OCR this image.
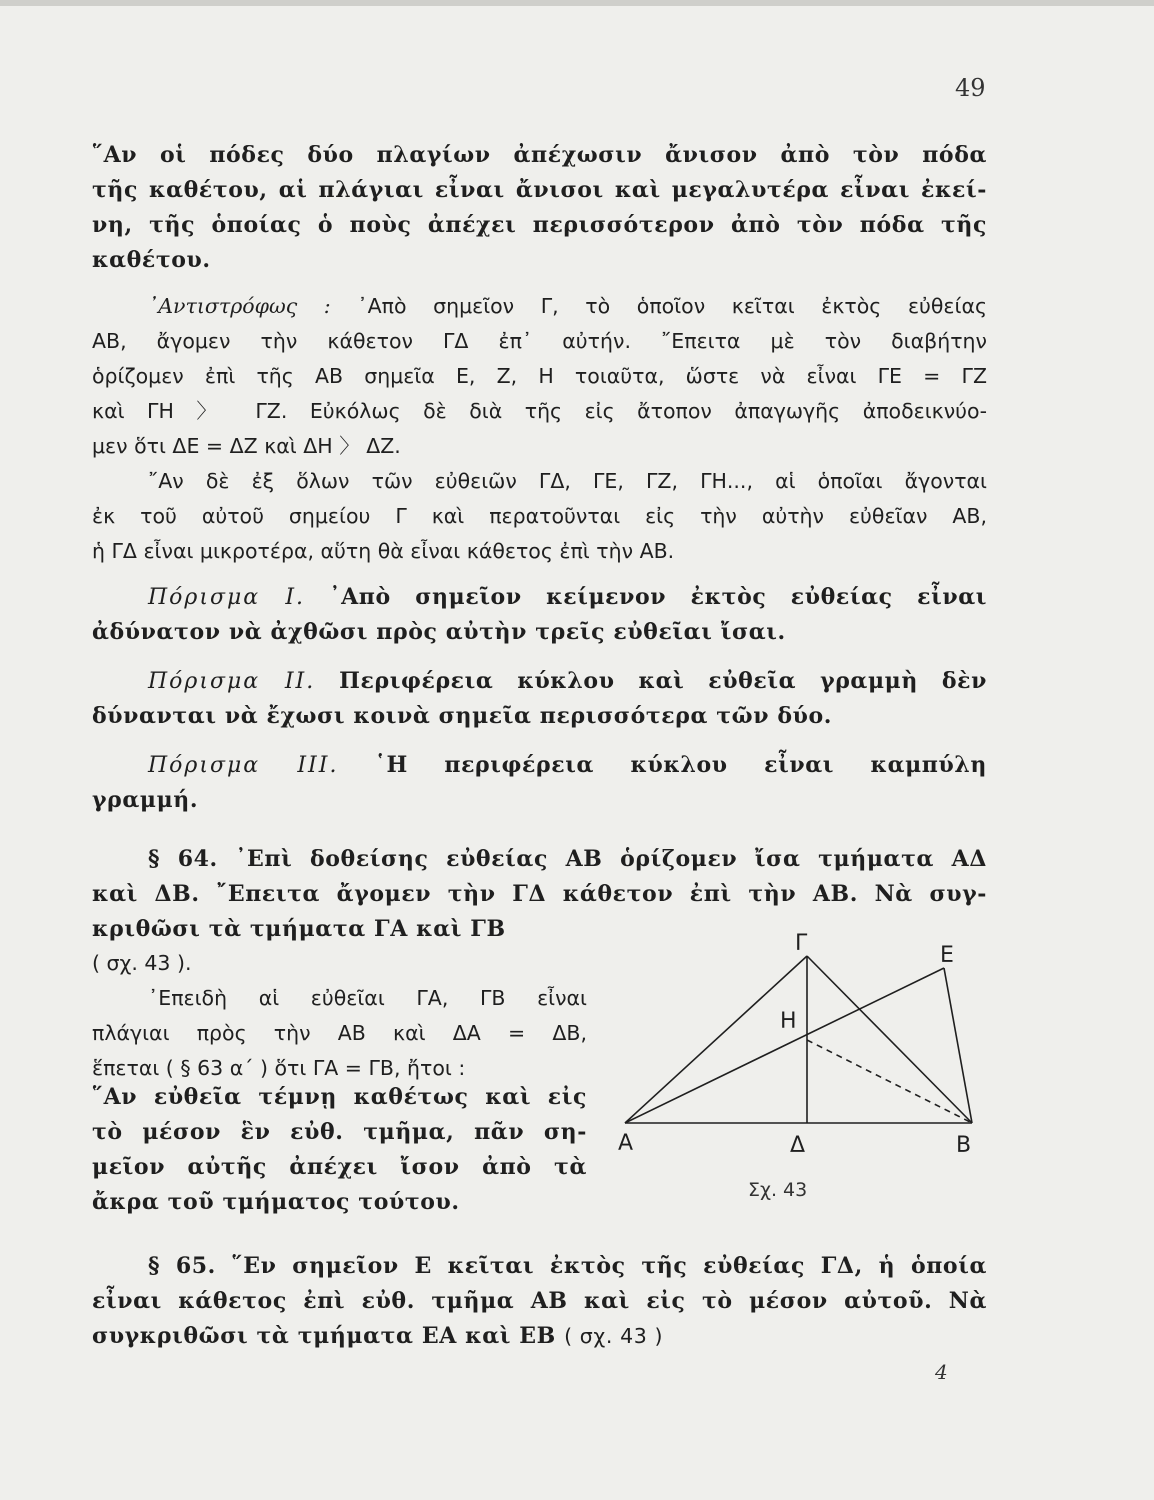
49
῞Αν οἱ πόδες δύο πλαγίων ἀπέχωσιν ἄνισον ἀπὸ τὸν πόδα
τῆς καθέτου, αἱ πλάγιαι εἶναι ἄνισοι καὶ μεγαλυτέρα εἶναι ἐκεί-
νη, τῆς ὁποίας ὁ ποὺς ἀπέχει περισσότερον ἀπὸ τὸν πόδα τῆς
καθέτου.
᾽Αντιστρόφως : ᾽Απὸ σημεῖον Γ, τὸ ὁποῖον κεῖται ἐκτὸς εὐθείας
ΑΒ, ἄγομεν τὴν κάθετον ΓΔ ἐπ᾽ αὐτήν. ῎Επειτα μὲ τὸν διαβήτην
ὁρίζομεν ἐπὶ τῆς ΑΒ σημεῖα Ε, Ζ, Η τοιαῦτα, ὥστε νὰ εἶναι ΓΕ = ΓΖ
καὶ ΓΗ 〉 ΓΖ. Εὐκόλως δὲ διὰ τῆς εἰς ἄτοπον ἀπαγωγῆς ἀποδεικνύο-
μεν ὅτι ΔΕ = ΔΖ καὶ ΔΗ 〉 ΔΖ.
῎Αν δὲ ἐξ ὅλων τῶν εὐθειῶν ΓΔ, ΓΕ, ΓΖ, ΓΗ..., αἱ ὁποῖαι ἄγονται
ἐκ τοῦ αὐτοῦ σημείου Γ καὶ περατοῦνται εἰς τὴν αὐτὴν εὐθεῖαν ΑΒ,
ἡ ΓΔ εἶναι μικροτέρα, αὕτη θὰ εἶναι κάθετος ἐπὶ τὴν ΑΒ.
Πόρισμα Ι. ᾽Απὸ σημεῖον κείμενον ἐκτὸς εὐθείας εἶναι
ἀδύνατον νὰ ἀχθῶσι πρὸς αὐτὴν τρεῖς εὐθεῖαι ἴσαι.
Πόρισμα ΙΙ. Περιφέρεια κύκλου καὶ εὐθεῖα γραμμὴ δὲν
δύνανται νὰ ἔχωσι κοινὰ σημεῖα περισσότερα τῶν δύο.
Πόρισμα ΙΙΙ. ῾Η περιφέρεια κύκλου εἶναι καμπύλη
γραμμή.
§ 64. ᾽Επὶ δοθείσης εὐθείας ΑΒ ὁρίζομεν ἴσα τμήματα ΑΔ
καὶ ΔΒ. ῎Επειτα ἄγομεν τὴν ΓΔ κάθετον ἐπὶ τὴν ΑΒ. Νὰ συγ-
κριθῶσι τὰ τμήματα ΓΑ καὶ ΓΒ
( σχ. 43 ).
᾽Επειδὴ αἱ εὐθεῖαι ΓΑ, ΓΒ εἶναι
πλάγιαι πρὸς τὴν ΑΒ καὶ ΔΑ = ΔΒ,
ἕπεται ( § 63 α΄ ) ὅτι ΓΑ = ΓΒ, ἤτοι :
῞Αν εὐθεῖα τέμνῃ καθέτως καὶ εἰς
τὸ μέσον ἓν εὐθ. τμῆμα, πᾶν ση-
μεῖον αὐτῆς ἀπέχει ἴσον ἀπὸ τὰ
ἄκρα τοῦ τμήματος τούτου.
Α	Β
Δ
Γ	Ε
Η
Σχ. 43
§ 65. ῞Εν σημεῖον Ε κεῖται ἐκτὸς τῆς εὐθείας ΓΔ, ἡ ὁποία
εἶναι κάθετος ἐπὶ εὐθ. τμῆμα ΑΒ καὶ εἰς τὸ μέσον αὐτοῦ. Νὰ
συγκριθῶσι τὰ τμήματα ΕΑ καὶ ΕΒ ( σχ. 43 )
4
